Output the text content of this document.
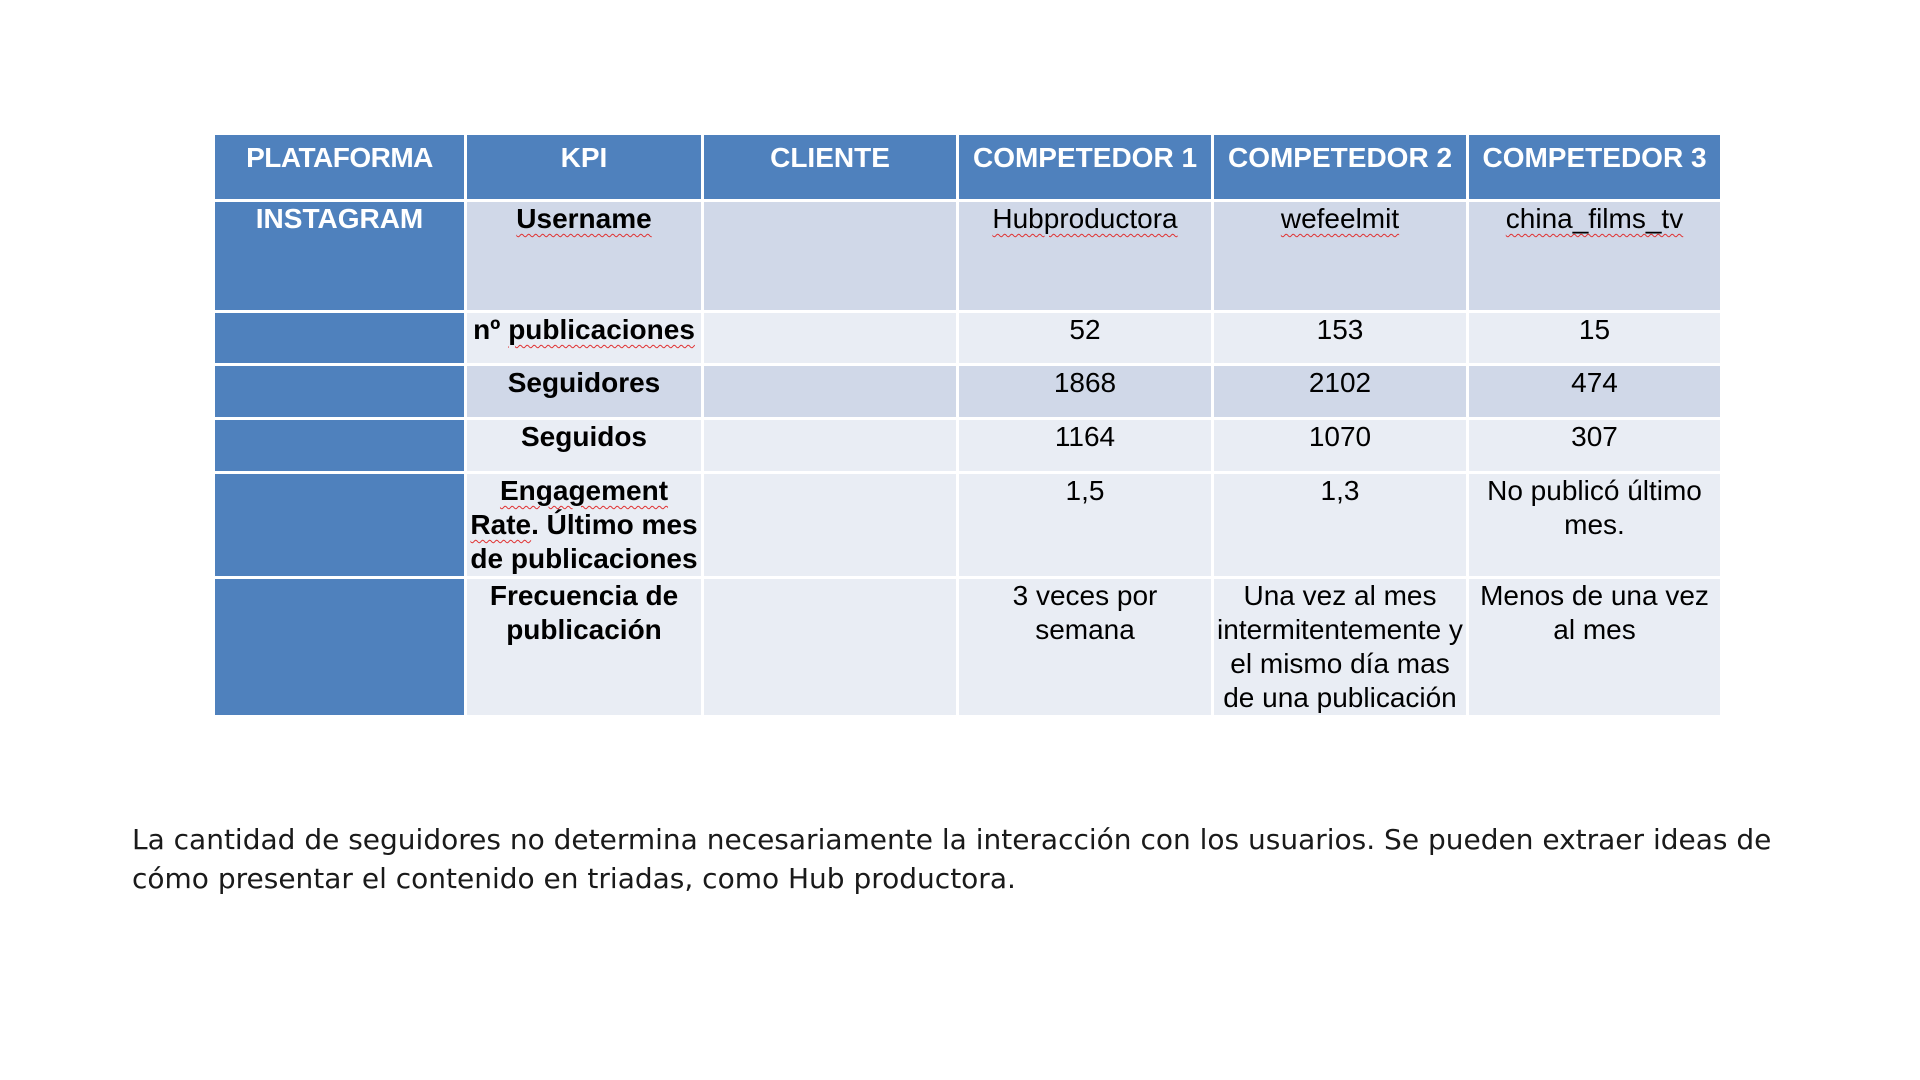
PLATAFORMA	KPI	CLIENTE	COMPETEDOR 1	COMPETEDOR 2	COMPETEDOR 3
INSTAGRAM	Username		Hubproductora	wefeelmit	china_films_tv
	nº publicaciones		52	153	15
	Seguidores		1868	2102	474
	Seguidos		1164	1070	307
	Engagement Rate. Último mes de publicaciones		1,5	1,3	No publicó último mes.
	Frecuencia de publicación		3 veces por semana	Una vez al mes intermitentemente y el mismo día mas de una publicación	Menos de una vez al mes
La cantidad de seguidores no determina necesariamente la interacción con los usuarios. Se pueden extraer ideas de cómo presentar el contenido en triadas, como Hub productora.
